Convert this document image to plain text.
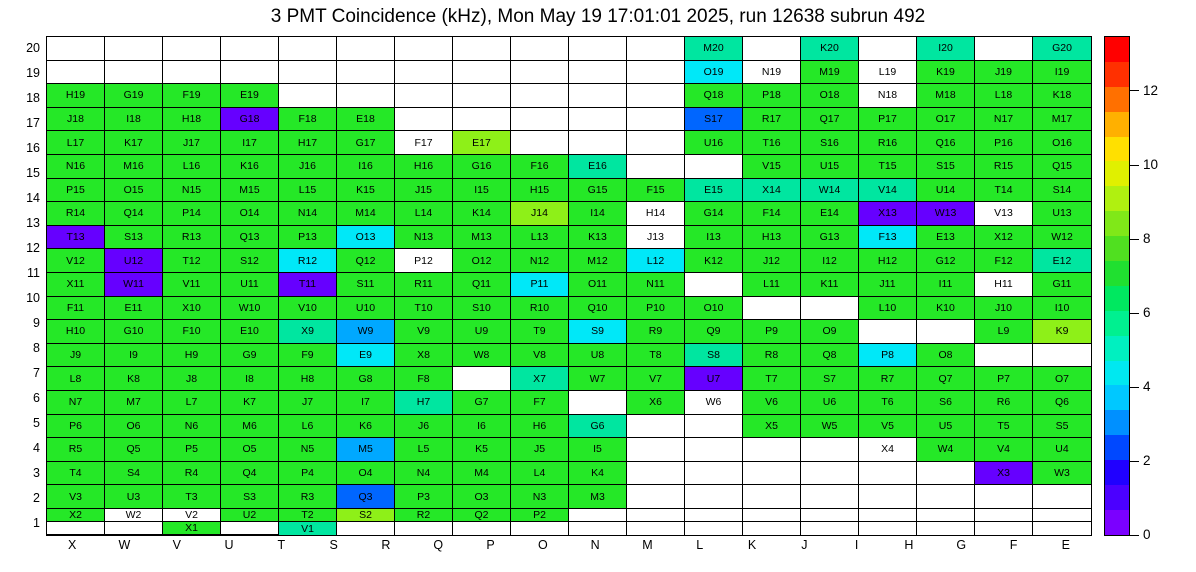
3 PMT Coincidence (kHz), Mon May 19 17:01:01 2025, run 12638 subrun 492
M20	K20	I20	G20
O19	N19	M19	L19	K19	J19	I19
H19	G19	F19	E19	Q18	P18	O18	N18	M18	L18	K18
J18	I18	H18	G18	F18	E18	S17	R17	Q17	P17	O17	N17	M17
L17	K17	J17	I17	H17	G17	F17	E17	U16	T16	S16	R16	Q16	P16	O16
N16	M16	L16	K16	J16	I16	H16	G16	F16	E16	V15	U15	T15	S15	R15	Q15
P15	O15	N15	M15	L15	K15	J15	I15	H15	G15	F15	E15	X14	W14	V14	U14	T14	S14
R14	Q14	P14	O14	N14	M14	L14	K14	J14	I14	H14	G14	F14	E14	X13	W13	V13	U13
T13	S13	R13	Q13	P13	O13	N13	M13	L13	K13	J13	I13	H13	G13	F13	E13	X12	W12
V12	U12	T12	S12	R12	Q12	P12	O12	N12	M12	L12	K12	J12	I12	H12	G12	F12	E12
X11	W11	V11	U11	T11	S11	R11	Q11	P11	O11	N11	L11	K11	J11	I11	H11	G11
F11	E11	X10	W10	V10	U10	T10	S10	R10	Q10	P10	O10	L10	K10	J10	I10
H10	G10	F10	E10	X9	W9	V9	U9	T9	S9	R9	Q9	P9	O9	L9	K9
J9	I9	H9	G9	F9	E9	X8	W8	V8	U8	T8	S8	R8	Q8	P8	O8
L8	K8	J8	I8	H8	G8	F8	X7	W7	V7	U7	T7	S7	R7	Q7	P7	O7
N7	M7	L7	K7	J7	I7	H7	G7	F7	X6	W6	V6	U6	T6	S6	R6	Q6
P6	O6	N6	M6	L6	K6	J6	I6	H6	G6	X5	W5	V5	U5	T5	S5
R5	Q5	P5	O5	N5	M5	L5	K5	J5	I5	X4	W4	V4	U4
T4	S4	R4	Q4	P4	O4	N4	M4	L4	K4	X3	W3
V3	U3	T3	S3	R3	Q3	P3	O3	N3	M3
X2	W2	V2	U2	T2	S2	R2	Q2	P2
X1	V1
20
19
18
17
16
15
14
13
12
11
10
9
8
7
6
5
4
3
2
1
X	W	V	U	T	S	R	Q	P	O	N	M	L	K	J	I	H	G	F	E
0
2
4
6
8
10
12
